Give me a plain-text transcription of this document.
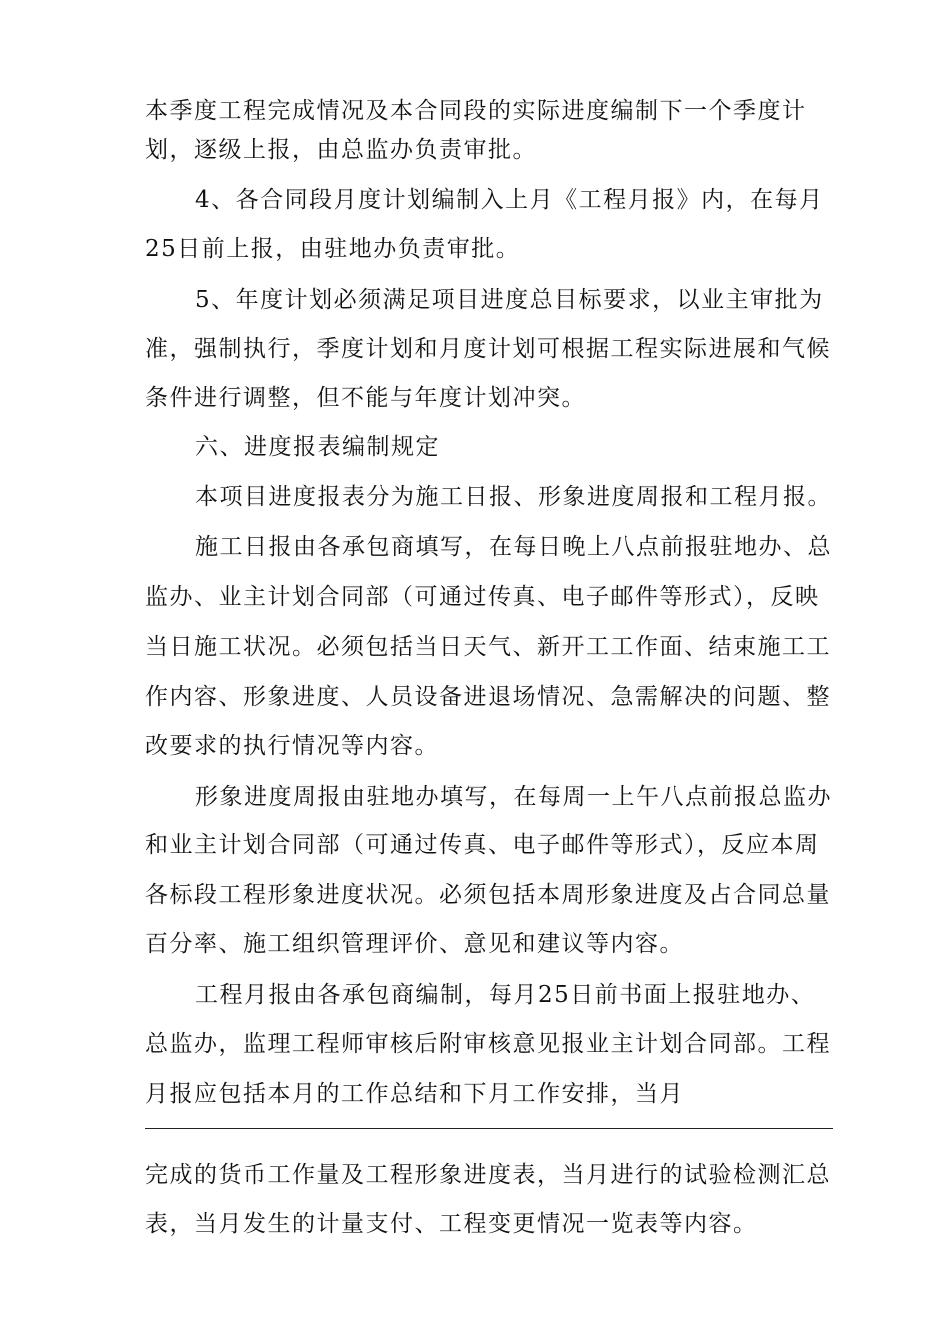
本季度工程完成情况及本合同段的实际进度编制下一个季度计
划，逐级上报，由总监办负责审批。
4、各合同段月度计划编制入上月《工程月报》内，在每月
25日前上报，由驻地办负责审批。
5、年度计划必须满足项目进度总目标要求，以业主审批为
准，强制执行，季度计划和月度计划可根据工程实际进展和气候
条件进行调整，但不能与年度计划冲突。
六、进度报表编制规定
本项目进度报表分为施工日报、形象进度周报和工程月报。
施工日报由各承包商填写，在每日晚上八点前报驻地办、总
监办、业主计划合同部（可通过传真、电子邮件等形式），反映
当日施工状况。必须包括当日天气、新开工工作面、结束施工工
作内容、形象进度、人员设备进退场情况、急需解决的问题、整
改要求的执行情况等内容。
形象进度周报由驻地办填写，在每周一上午八点前报总监办
和业主计划合同部（可通过传真、电子邮件等形式），反应本周
各标段工程形象进度状况。必须包括本周形象进度及占合同总量
百分率、施工组织管理评价、意见和建议等内容。
工程月报由各承包商编制，每月25日前书面上报驻地办、
总监办，监理工程师审核后附审核意见报业主计划合同部。工程
月报应包括本月的工作总结和下月工作安排，当月
完成的货币工作量及工程形象进度表，当月进行的试验检测汇总
表，当月发生的计量支付、工程变更情况一览表等内容。
